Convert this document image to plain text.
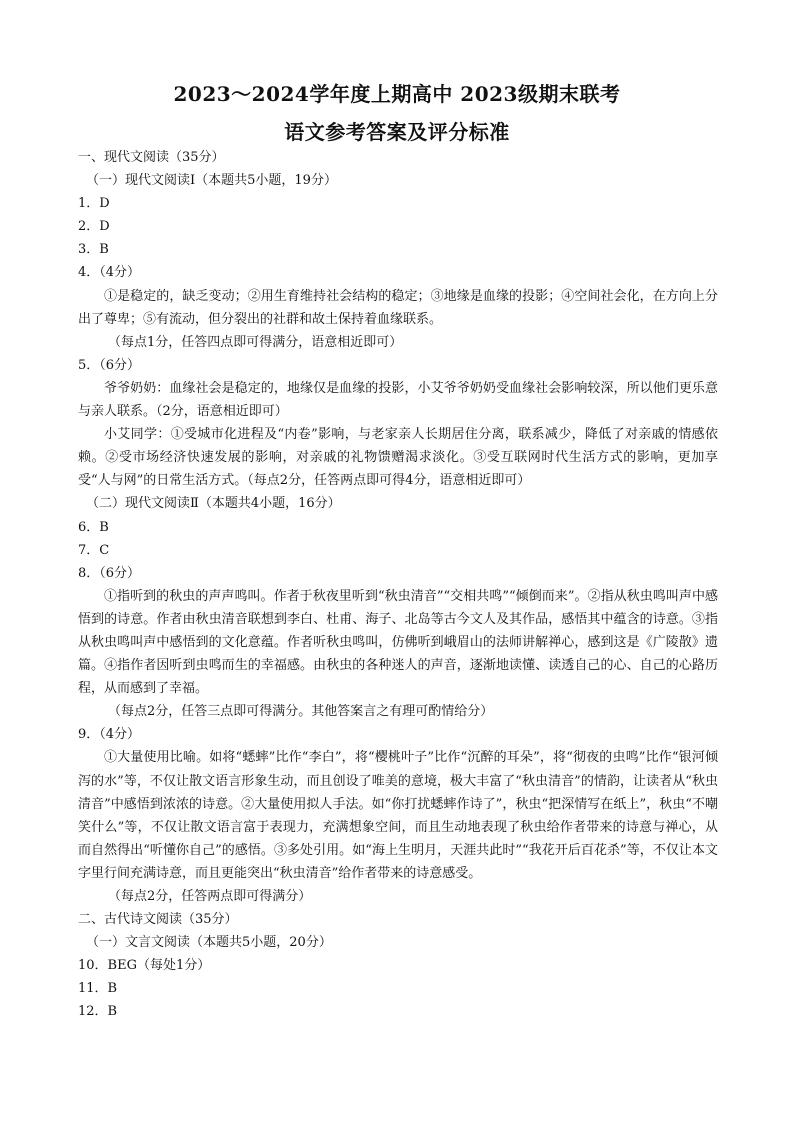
2023～2024学年度上期高中 2023级期末联考
语文参考答案及评分标准

一、现代文阅读（35分）

（一）现代文阅读Ⅰ（本题共5小题，19分）

1．D

2．D

3．B

4．（4分）

①是稳定的，缺乏变动；②用生育维持社会结构的稳定；③地缘是血缘的投影；④空间社会化，在方向上分出了尊卑；⑤有流动，但分裂出的社群和故土保持着血缘联系。

（每点1分，任答四点即可得满分，语意相近即可）

5．（6分）

爷爷奶奶：血缘社会是稳定的，地缘仅是血缘的投影，小艾爷爷奶奶受血缘社会影响较深，所以他们更乐意与亲人联系。（2分，语意相近即可）

小艾同学：①受城市化进程及“内卷”影响，与老家亲人长期居住分离，联系减少，降低了对亲戚的情感依赖。②受市场经济快速发展的影响，对亲戚的礼物馈赠渴求淡化。③受互联网时代生活方式的影响，更加享受“人与网”的日常生活方式。（每点2分，任答两点即可得4分，语意相近即可）

（二）现代文阅读Ⅱ（本题共4小题，16分）

6．B

7．C

8．（6分）

①指听到的秋虫的声声鸣叫。作者于秋夜里听到“秋虫清音”“交相共鸣”“倾倒而来”。②指从秋虫鸣叫声中感悟到的诗意。作者由秋虫清音联想到李白、杜甫、海子、北岛等古今文人及其作品，感悟其中蕴含的诗意。③指从秋虫鸣叫声中感悟到的文化意蕴。作者听秋虫鸣叫，仿佛听到峨眉山的法师讲解禅心，感到这是《广陵散》遗篇。④指作者因听到虫鸣而生的幸福感。由秋虫的各种迷人的声音，逐渐地读懂、读透自己的心、自己的心路历程，从而感到了幸福。

（每点2分，任答三点即可得满分。其他答案言之有理可酌情给分）

9．（4分）

①大量使用比喻。如将“蟋蟀”比作“李白”，将“樱桃叶子”比作“沉醉的耳朵”，将“彻夜的虫鸣”比作“银河倾泻的水”等，不仅让散文语言形象生动，而且创设了唯美的意境，极大丰富了“秋虫清音”的情韵，让读者从“秋虫清音”中感悟到浓浓的诗意。②大量使用拟人手法。如“你打扰蟋蟀作诗了”，秋虫“把深情写在纸上”，秋虫“不嘲笑什么”等，不仅让散文语言富于表现力，充满想象空间，而且生动地表现了秋虫给作者带来的诗意与禅心，从而自然得出“听懂你自己”的感悟。③多处引用。如“海上生明月，天涯共此时”“我花开后百花杀”等，不仅让本文字里行间充满诗意，而且更能突出“秋虫清音”给作者带来的诗意感受。

（每点2分，任答两点即可得满分）

二、古代诗文阅读（35分）

（一）文言文阅读（本题共5小题，20分）

10．BEG（每处1分）

11．B

12．B
